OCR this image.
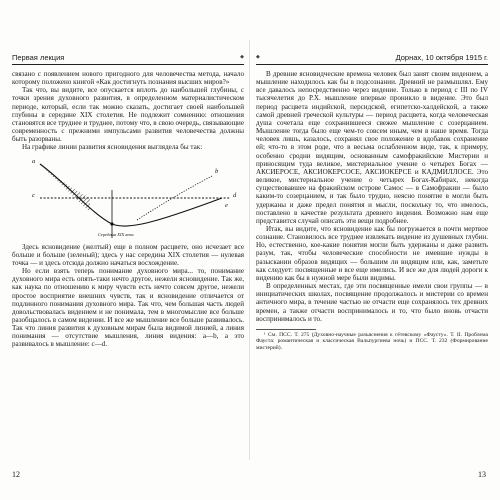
Первая лекция	◆

связано с появлением нового пригодного для человечества метода, начало которому положено книгой «Как достигнуть познания высших миров?»

Так что, вы видите, все опускается вплоть до наибольшей глубины, с точки зрения духовного развития, в определенном материалистическом периоде, который, если так можно сказать, достигает своей наибольшей глубины в середине XIX столетия. Не подлежит сомнению: отношения становятся все труднее и труднее, потому что, в свою очередь, связывающие современность с прежними импульсами развития человечества должны быть разорваны.

На графике линии развития ясновидения выглядела бы так:

a
c
b
d
e
Середина XIX века

Здесь ясновидение (желтый) еще в полном расцвете, оно исчезает все больше и больше (зеленый); здесь у нас середина XIX столетия — нулевая точка — и здесь отсюда должно начаться восхождение.

Но если взять теперь понимание духовного мира... то, понимание духовного мира есть опять-таки нечто другое, нежели ясновидение. Так же, как наука по отношению к миру чувств есть нечто совсем другое, нежели простое восприятие внешних чувств, так и ясновидение отличается от подлинного понимания духовного мира. Так что, чем большая часть людей довольствовалась видением и не понимала, тем в многомыслие все больше разобщалось в самом видении. И все же мышление все больше развивалось. Так что линия развития к духовным мирам была видимой линией, а линия понимания — отсутствие мышления, линия видения: a—b, а это развивалось в мышление: c—d.

12
◆	Дорнах, 10 октября 1915 г.

В древние ясновидческие времена человек был занят своим видением, а мышление находилось как бы в подсознании. Древний не размышлял. Ему все давалось непосредственно через видение. Только в период с III по IV тысячелетия до Р.Х. мышление впервые проникло в видение. Это был период расцвета индийской, персидской, египетско-халдейской, а также самой древней греческой культуры — период расцвета, когда человеческая душа сочетала еще сохранившееся свежее мышление с созерцанием. Мышление тогда было еще чем-то совсем иным, чем в наше время. Тогда человек лишь, казалось, сохранял свое положение в вдобавок сохранение ей; что-то в этом роде, что в весьма ослабленном виде, так, к примеру, особенно сродни видящим, основанным самофракийские Мистерии и приносящим туда великое, мистериальное учение о четырех Богах — АКСИЕРОСЕ, АКСИОКЕРСОСЕ, АКСИОКЕРСЕ и КАДМИЛЛОСЕ. Это великое, мистериальное учение о четырех Богах-Кабирах, некогда существовавшее на фракийском острове Самос — в Самофракии — было каким-то созерцанием, и так было трудно, неясно понятие в могли быть удержаны и даже предел понятия и мысли, поскольку то, что имелось, поставлено в качестве результата древнего видения. Возможно нам еще представится случай описать эти вещи подробнее.

Итак, вы видите, что ясновидение как бы погружается в почти мертвое сознание. Становилось все труднее извлекать видение из душевных глубин. Но, естественно, кое-какие понятия могли быть удержаны и даже развить разум, так, чтобы человеческие способности не имевшие нужды в разыскании образов видящих — большим ли видящим или, как, заметьте как следует: посвященные и все еще имелись. И все же для людей дороги к видению как бы в нужной мере были видимы.

В определенных местах, где эти посвященные имели свои группы — в инициатических школах, посвящение продолжалось и мистерии со времен античного мира, в течение частью не отчасти еще сохранялось тех древних времен, а также отчасти воспринималось и то, что было вновь отчасти воспринималось и то.

¹ См. ПСС. Т. 275 (Духовно-научные разъяснения к гётевскому «Фаусту». Т. II. Проблема Фауста: романтическая и классическая Вальпургиева ночь) и ПСС. Т. 232 (Формирование мистерий).

13
